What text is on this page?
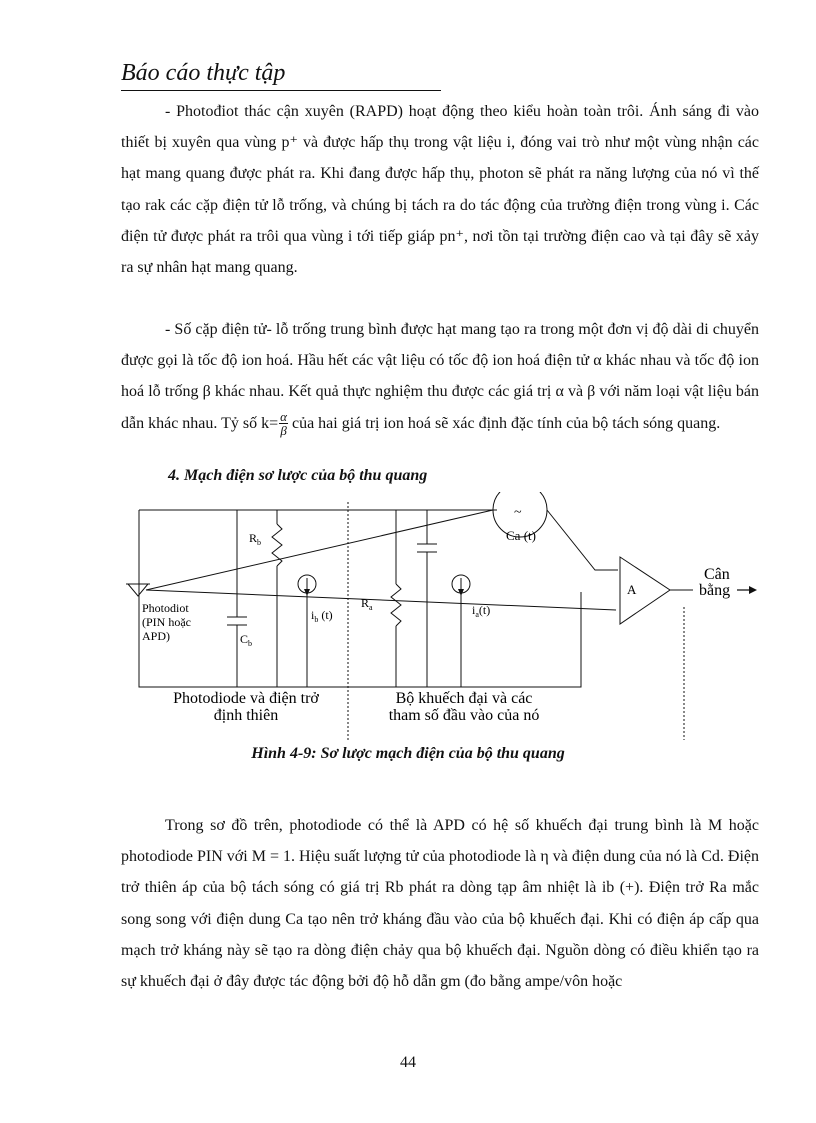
Báo cáo thực tập

- Photođiot thác cận xuyên (RAPD) hoạt động theo kiểu hoàn toàn trôi. Ánh sáng đi vào thiết bị xuyên qua vùng p⁺ và được hấp thụ trong vật liệu i, đóng vai trò như một vùng nhận các hạt mang quang được phát ra. Khi đang được hấp thụ, photon sẽ phát ra năng lượng của nó vì thế tạo rak các cặp điện tử lỗ trống, và chúng bị tách ra do tác động của trường điện trong vùng i. Các điện tử được phát ra trôi qua vùng i tới tiếp giáp pn⁺, nơi tồn tại trường điện cao và tại đây sẽ xảy ra sự nhân hạt mang quang.

- Số cặp điện tử- lỗ trống trung bình được hạt mang tạo ra trong một đơn vị độ dài di chuyển được gọi là tốc độ ion hoá. Hầu hết các vật liệu có tốc độ ion hoá điện tử α khác nhau và tốc độ ion hoá lỗ trống β khác nhau. Kết quả thực nghiệm thu được các giá trị α và β với năm loại vật liệu bán dẫn khác nhau. Tỷ số $k= \frac{\alpha}{\beta}$ của hai giá trị ion hoá sẽ xác định đặc tính của bộ tách sóng quang.

4. Mạch điện sơ lược của bộ thu quang

$R_b$
$R_a$
$C_b$
~
Ca (t)
$i_b$ (t)	$i_a(t)$
A
Cân
bằng
Photodiot
(PIN hoặc
APD)
Photodiode và điện trở
định thiên
Bộ khuếch đại và các
tham số đầu vào của nó

Hình 4-9: Sơ lược mạch điện của bộ thu quang

Trong sơ đồ trên, photodiode có thể là APD có hệ số khuếch đại trung bình là M hoặc photodiode PIN với M = 1. Hiệu suất lượng tử của photodiode là η và điện dung của nó là Cd. Điện trở thiên áp của bộ tách sóng có giá trị Rb phát ra dòng tạp âm nhiệt là ib (+). Điện trở Ra mắc song song với điện dung Ca tạo nên trở kháng đầu vào của bộ khuếch đại. Khi có điện áp cấp qua mạch trở kháng này sẽ tạo ra dòng điện chảy qua bộ khuếch đại. Nguồn dòng có điều khiển tạo ra sự khuếch đại ở đây được tác động bởi độ hỗ dẫn gm (đo bằng ampe/vôn hoặc

44
